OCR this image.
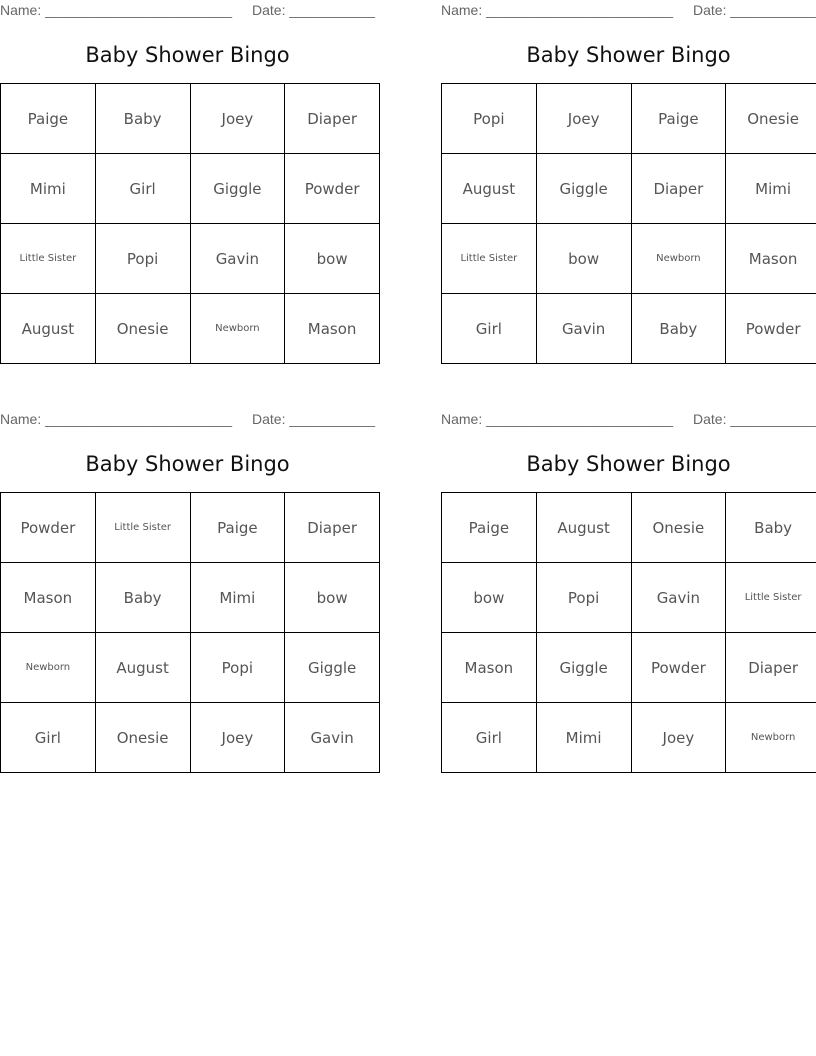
Name: ________________________ Date: ___________
Baby Shower Bingo
Paige	Baby	Joey	Diaper
Mimi	Girl	Giggle	Powder
Little Sister	Popi	Gavin	bow
August	Onesie	Newborn	Mason
Name: ________________________ Date: ___________
Baby Shower Bingo
Popi	Joey	Paige	Onesie
August	Giggle	Diaper	Mimi
Little Sister	bow	Newborn	Mason
Girl	Gavin	Baby	Powder
Name: ________________________ Date: ___________
Baby Shower Bingo
Powder	Little Sister	Paige	Diaper
Mason	Baby	Mimi	bow
Newborn	August	Popi	Giggle
Girl	Onesie	Joey	Gavin
Name: ________________________ Date: ___________
Baby Shower Bingo
Paige	August	Onesie	Baby
bow	Popi	Gavin	Little Sister
Mason	Giggle	Powder	Diaper
Girl	Mimi	Joey	Newborn
